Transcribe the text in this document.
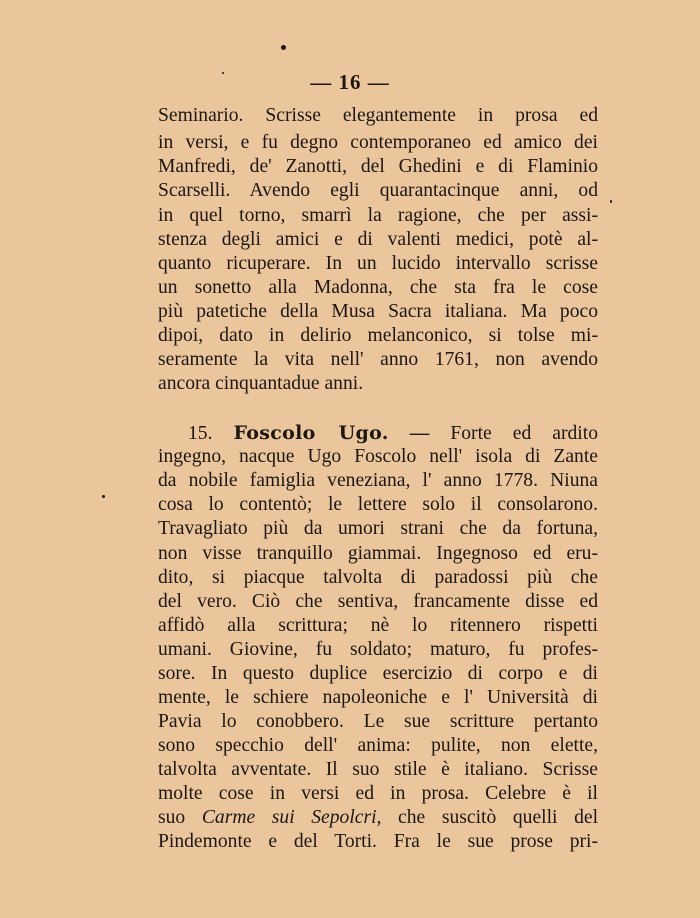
— 16 —
Seminario. Scrisse elegantemente in prosa ed
in versi, e fu degno contemporaneo ed amico dei
Manfredi, de' Zanotti, del Ghedini e di Flaminio
Scarselli. Avendo egli quarantacinque anni, od
in quel torno, smarrì la ragione, che per assi-
stenza degli amici e di valenti medici, potè al-
quanto ricuperare. In un lucido intervallo scrisse
un sonetto alla Madonna, che sta fra le cose
più patetiche della Musa Sacra italiana. Ma poco
dipoi, dato in delirio melanconico, si tolse mi-
seramente la vita nell' anno 1761, non avendo
ancora cinquantadue anni.
15. Foscolo Ugo. — Forte ed ardito
ingegno, nacque Ugo Foscolo nell' isola di Zante
da nobile famiglia veneziana, l' anno 1778. Niuna
cosa lo contentò; le lettere solo il consolarono.
Travagliato più da umori strani che da fortuna,
non visse tranquillo giammai. Ingegnoso ed eru-
dito, si piacque talvolta di paradossi più che
del vero. Ciò che sentiva, francamente disse ed
affidò alla scrittura; nè lo ritennero rispetti
umani. Giovine, fu soldato; maturo, fu profes-
sore. In questo duplice esercizio di corpo e di
mente, le schiere napoleoniche e l' Università di
Pavia lo conobbero. Le sue scritture pertanto
sono specchio dell' anima: pulite, non elette,
talvolta avventate. Il suo stile è italiano. Scrisse
molte cose in versi ed in prosa. Celebre è il
suo Carme sui Sepolcri, che suscitò quelli del
Pindemonte e del Torti. Fra le sue prose pri-
